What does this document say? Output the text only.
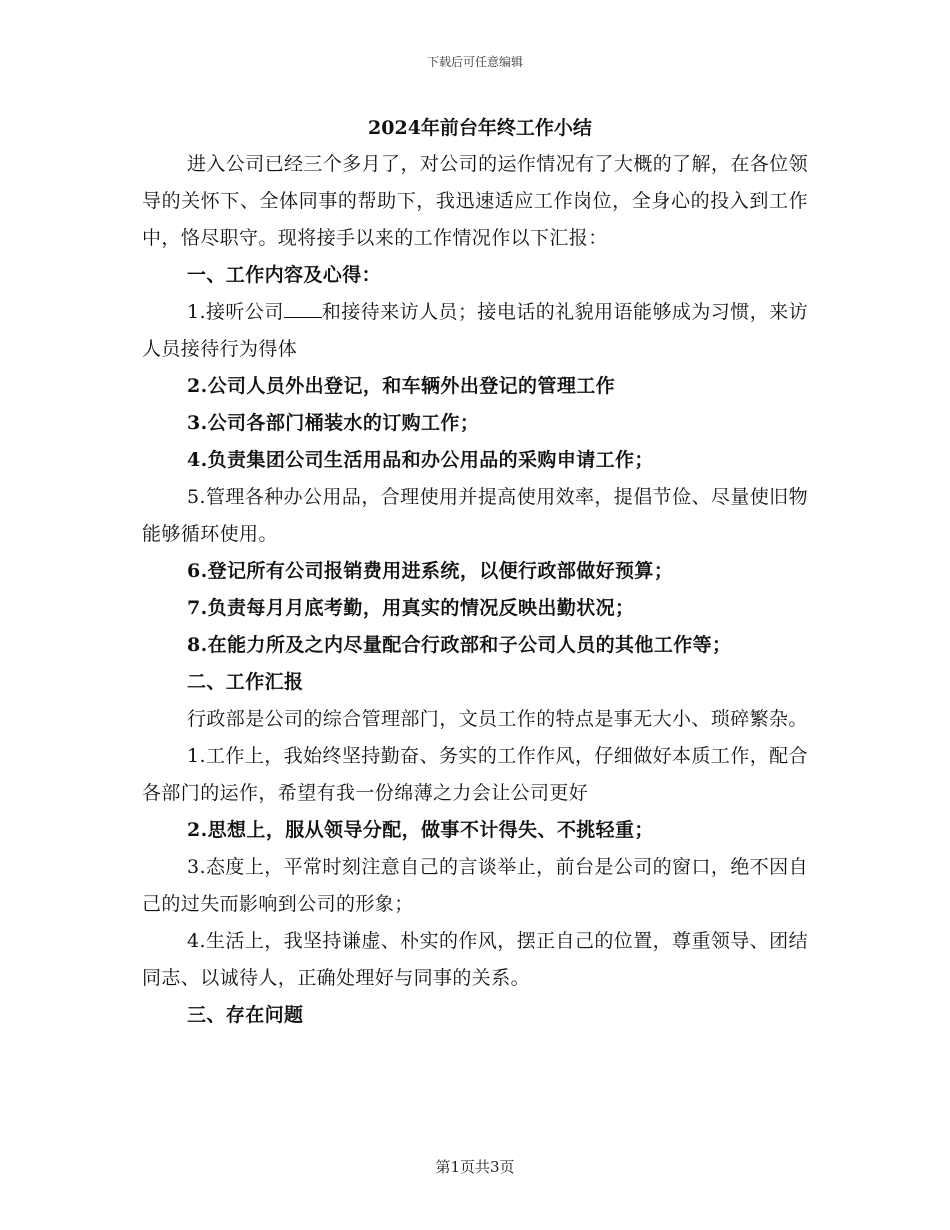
下载后可任意编辑
2024年前台年终工作小结

进入公司已经三个多月了，对公司的运作情况有了大概的了解，在各位领导的关怀下、全体同事的帮助下，我迅速适应工作岗位，全身心的投入到工作中，恪尽职守。现将接手以来的工作情况作以下汇报：

一、工作内容及心得：

1.接听公司 和接待来访人员；接电话的礼貌用语能够成为习惯，来访人员接待行为得体

2.公司人员外出登记，和车辆外出登记的管理工作

3.公司各部门桶装水的订购工作；

4.负责集团公司生活用品和办公用品的采购申请工作；

5.管理各种办公用品，合理使用并提高使用效率，提倡节俭、尽量使旧物能够循环使用。

6.登记所有公司报销费用进系统，以便行政部做好预算；

7.负责每月月底考勤，用真实的情况反映出勤状况；

8.在能力所及之内尽量配合行政部和子公司人员的其他工作等；

二、工作汇报

行政部是公司的综合管理部门，文员工作的特点是事无大小、琐碎繁杂。

1.工作上，我始终坚持勤奋、务实的工作作风，仔细做好本质工作，配合各部门的运作，希望有我一份绵薄之力会让公司更好

2.思想上，服从领导分配，做事不计得失、不挑轻重；

3.态度上，平常时刻注意自己的言谈举止，前台是公司的窗口，绝不因自己的过失而影响到公司的形象；

4.生活上，我坚持谦虚、朴实的作风，摆正自己的位置，尊重领导、团结同志、以诚待人，正确处理好与同事的关系。

三、存在问题

第1页共3页
